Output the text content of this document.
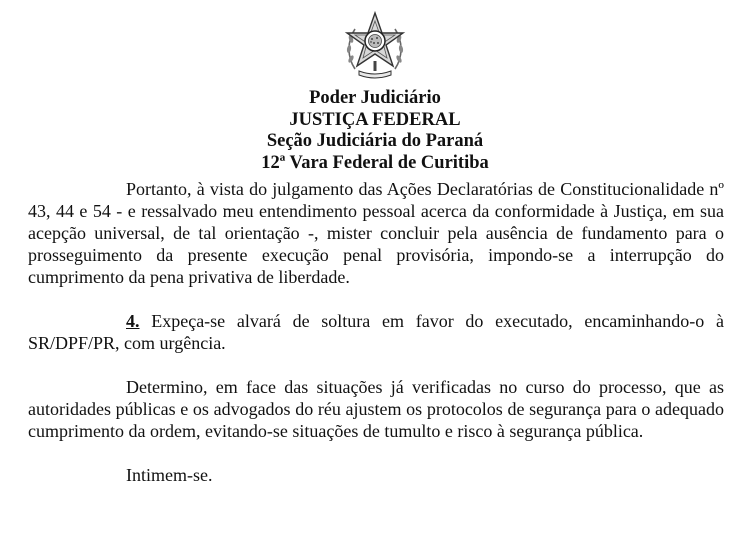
Poder Judiciário
JUSTIÇA FEDERAL
Seção Judiciária do Paraná
12ª Vara Federal de Curitiba

Portanto, à vista do julgamento das Ações Declaratórias de Constitucionalidade nº 43, 44 e 54 - e ressalvado meu entendimento pessoal acerca da conformidade à Justiça, em sua acepção universal, de tal orientação -, mister concluir pela ausência de fundamento para o prosseguimento da presente execução penal provisória, impondo-se a interrupção do cumprimento da pena privativa de liberdade.

4. Expeça-se alvará de soltura em favor do executado, encaminhando-o à SR/DPF/PR, com urgência.

Determino, em face das situações já verificadas no curso do processo, que as autoridades públicas e os advogados do réu ajustem os protocolos de segurança para o adequado cumprimento da ordem, evitando-se situações de tumulto e risco à segurança pública.

Intimem-se.
